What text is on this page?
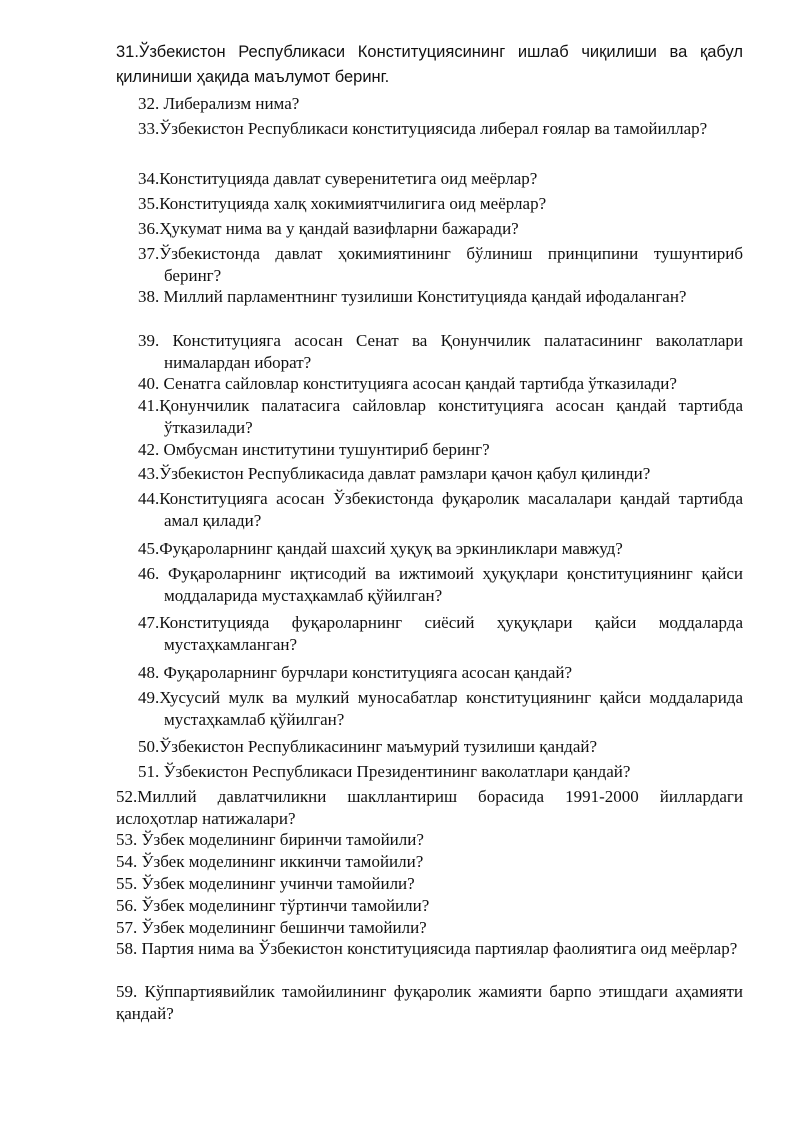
31.Ўзбекистон Республикаси Конституциясининг ишлаб чиқилиши ва қабул қилиниши ҳақида маълумот беринг.

32. Либерализм нима?

33.Ўзбекистон Республикаси конституциясида либерал ғоялар ва тамойиллар?

34.Конституцияда давлат суверенитетига оид меёрлар?

35.Конституцияда халқ хокимиятчилигига оид меёрлар?

36.Ҳукумат нима ва у қандай вазифларни бажаради?

37.Ўзбекистонда давлат ҳокимиятининг бўлиниш принципини тушунтириб беринг?

38. Миллий парламентнинг тузилиши Конституцияда қандай ифодаланган?

39. Конституцияга асосан Сенат ва Қонунчилик палатасининг ваколатлари нималардан иборат?

40. Сенатга сайловлар конституцияга асосан қандай тартибда ўтказилади?

41.Қонунчилик палатасига сайловлар конституцияга асосан қандай тартибда ўтказилади?

42. Омбусман институтини тушунтириб беринг?

43.Ўзбекистон Республикасида давлат рамзлари қачон қабул қилинди?

44.Конституцияга асосан Ўзбекистонда фуқаролик масалалари қандай тартибда амал қилади?

45.Фуқароларнинг қандай шахсий ҳуқуқ ва эркинликлари мавжуд?

46. Фуқароларнинг иқтисодий ва ижтимоий ҳуқуқлари қонституциянинг қайси моддаларида мустаҳкамлаб қўйилган?

47.Конституцияда фуқароларнинг сиёсий ҳуқуқлари қайси моддаларда мустаҳкамланган?

48. Фуқароларнинг бурчлари конституцияга асосан қандай?

49.Хусусий мулк ва мулкий муносабатлар конституциянинг қайси моддаларида мустаҳкамлаб қўйилган?

50.Ўзбекистон Республикасининг маъмурий тузилиши қандай?

51. Ўзбекистон Республикаси Президентининг ваколатлари қандай?

52.Миллий давлатчиликни шакллантириш борасида 1991-2000 йиллардаги ислоҳотлар натижалари?

53. Ўзбек моделининг биринчи тамойили?

54. Ўзбек моделининг иккинчи тамойили?

55. Ўзбек моделининг учинчи тамойили?

56. Ўзбек моделининг тўртинчи тамойили?

57. Ўзбек моделининг бешинчи тамойили?

58. Партия нима ва Ўзбекистон конституциясида партиялар фаолиятига оид меёрлар?

59. Кўппартиявийлик тамойилининг фуқаролик жамияти барпо этишдаги аҳамияти қандай?
